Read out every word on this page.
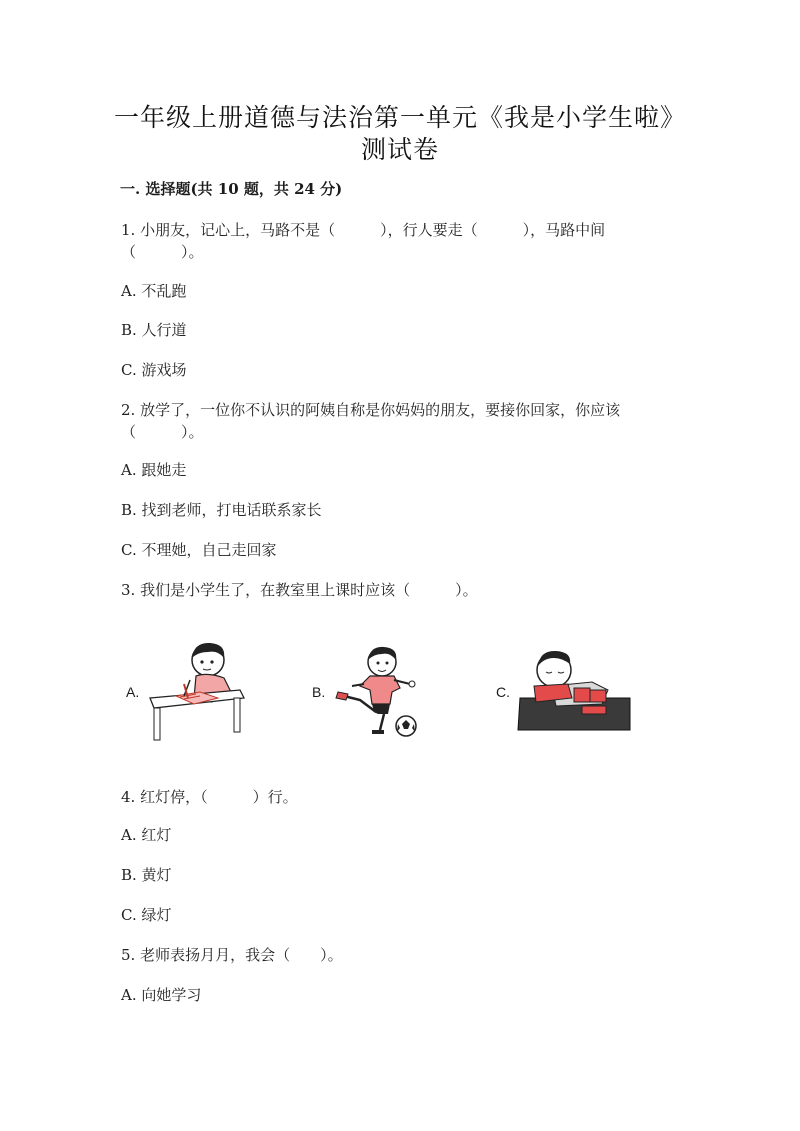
一年级上册道德与法治第一单元《我是小学生啦》
测试卷
一. 选择题(共 10 题，共 24 分)
1. 小朋友，记心上，马路不是（　　　），行人要走（　　　），马路中间
（　　　）。
A. 不乱跑
B. 人行道
C. 游戏场
2. 放学了，一位你不认识的阿姨自称是你妈妈的朋友，要接你回家，你应该
（　　　）。
A. 跟她走
B. 找到老师，打电话联系家长
C. 不理她，自己走回家
3. 我们是小学生了，在教室里上课时应该（　　　）。
A.	B.	C.
4. 红灯停，（　　　）行。
A. 红灯
B. 黄灯
C. 绿灯
5. 老师表扬月月，我会（　　）。
A. 向她学习
